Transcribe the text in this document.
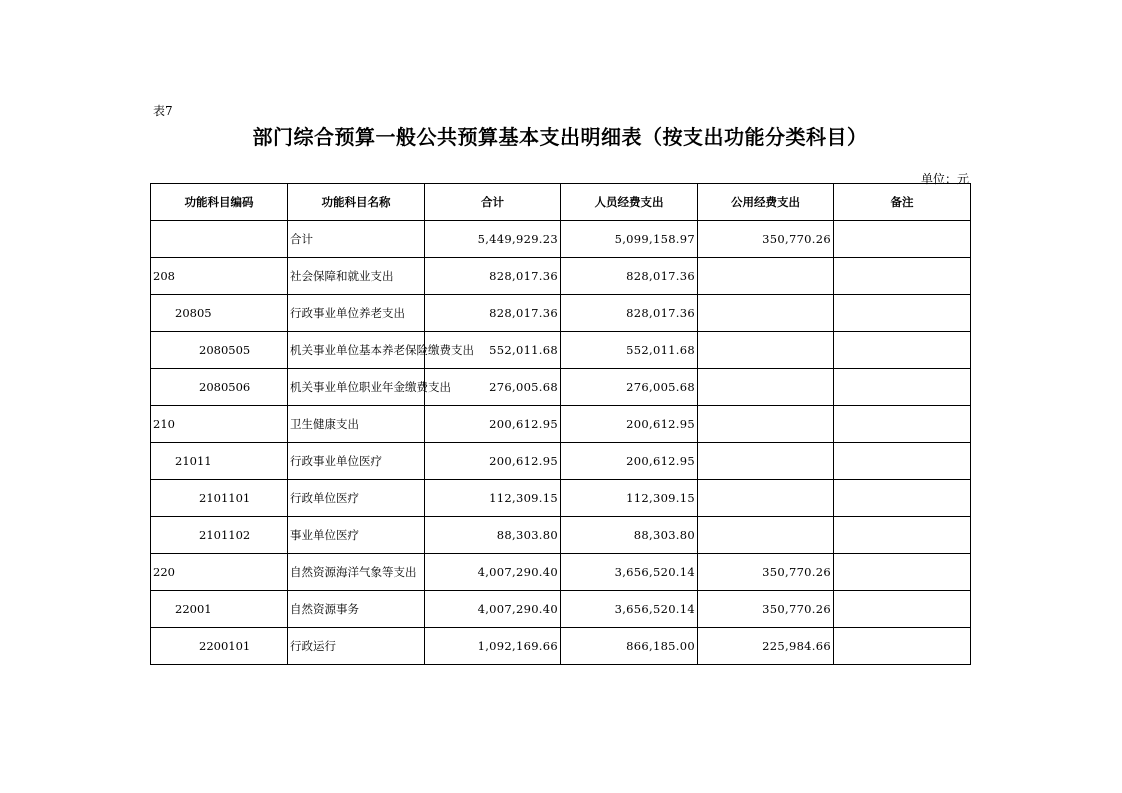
表7
部门综合预算一般公共预算基本支出明细表（按支出功能分类科目）
单位：元
功能科目编码	功能科目名称	合计	人员经费支出	公用经费支出	备注
	合计	5,449,929.23	5,099,158.97	350,770.26	
208	社会保障和就业支出	828,017.36	828,017.36		
20805	行政事业单位养老支出	828,017.36	828,017.36		
2080505	机关事业单位基本养老保险缴费支出	552,011.68	552,011.68		
2080506	机关事业单位职业年金缴费支出	276,005.68	276,005.68		
210	卫生健康支出	200,612.95	200,612.95		
21011	行政事业单位医疗	200,612.95	200,612.95		
2101101	行政单位医疗	112,309.15	112,309.15		
2101102	事业单位医疗	88,303.80	88,303.80		
220	自然资源海洋气象等支出	4,007,290.40	3,656,520.14	350,770.26	
22001	自然资源事务	4,007,290.40	3,656,520.14	350,770.26	
2200101	行政运行	1,092,169.66	866,185.00	225,984.66	
